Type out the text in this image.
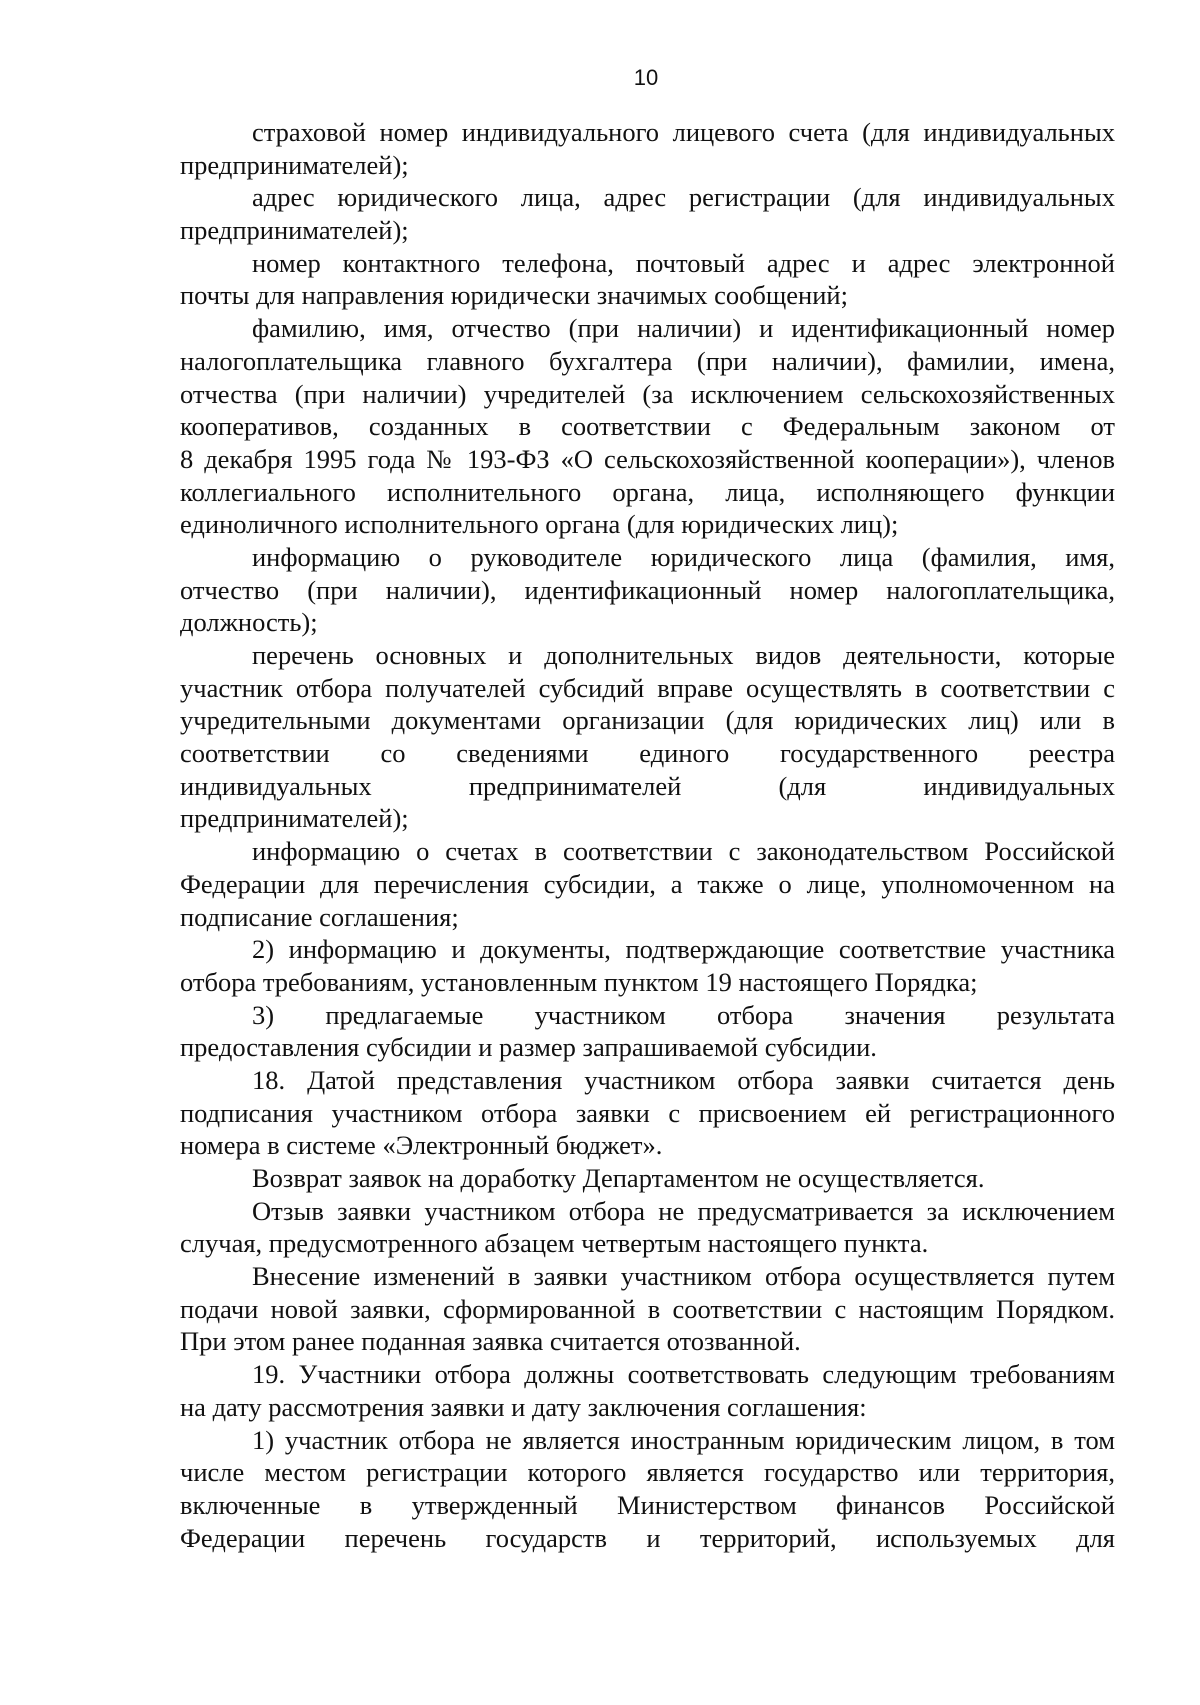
10
страховой номер индивидуального лицевого счета (для индивидуальных
предпринимателей);
адрес юридического лица, адрес регистрации (для индивидуальных
предпринимателей);
номер контактного телефона, почтовый адрес и адрес электронной
почты для направления юридически значимых сообщений;
фамилию, имя, отчество (при наличии) и идентификационный номер
налогоплательщика главного бухгалтера (при наличии), фамилии, имена,
отчества (при наличии) учредителей (за исключением сельскохозяйственных
кооперативов, созданных в соответствии с Федеральным законом от
8 декабря 1995 года № 193-ФЗ «О сельскохозяйственной кооперации»), членов
коллегиального исполнительного органа, лица, исполняющего функции
единоличного исполнительного органа (для юридических лиц);
информацию о руководителе юридического лица (фамилия, имя,
отчество (при наличии), идентификационный номер налогоплательщика,
должность);
перечень основных и дополнительных видов деятельности, которые
участник отбора получателей субсидий вправе осуществлять в соответствии с
учредительными документами организации (для юридических лиц) или в
соответствии со сведениями единого государственного реестра
индивидуальных предпринимателей (для индивидуальных
предпринимателей);
информацию о счетах в соответствии с законодательством Российской
Федерации для перечисления субсидии, а также о лице, уполномоченном на
подписание соглашения;
2) информацию и документы, подтверждающие соответствие участника
отбора требованиям, установленным пунктом 19 настоящего Порядка;
3) предлагаемые участником отбора значения результата
предоставления субсидии и размер запрашиваемой субсидии.
18. Датой представления участником отбора заявки считается день
подписания участником отбора заявки с присвоением ей регистрационного
номера в системе «Электронный бюджет».
Возврат заявок на доработку Департаментом не осуществляется.
Отзыв заявки участником отбора не предусматривается за исключением
случая, предусмотренного абзацем четвертым настоящего пункта.
Внесение изменений в заявки участником отбора осуществляется путем
подачи новой заявки, сформированной в соответствии с настоящим Порядком.
При этом ранее поданная заявка считается отозванной.
19. Участники отбора должны соответствовать следующим требованиям
на дату рассмотрения заявки и дату заключения соглашения:
1) участник отбора не является иностранным юридическим лицом, в том
числе местом регистрации которого является государство или территория,
включенные в утвержденный Министерством финансов Российской
Федерации перечень государств и территорий, используемых для
